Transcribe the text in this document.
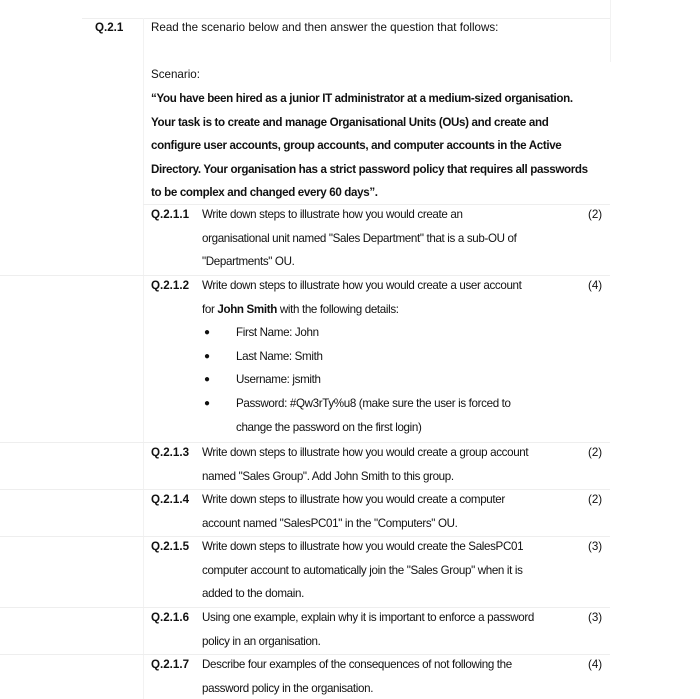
Q.2.1 Read the scenario below and then answer the question that follows:
Scenario:
“You have been hired as a junior IT administrator at a medium-sized organisation.
Your task is to create and manage Organisational Units (OUs) and create and
configure user accounts, group accounts, and computer accounts in the Active
Directory. Your organisation has a strict password policy that requires all passwords
to be complex and changed every 60 days”.
Q.2.1.1 Write down steps to illustrate how you would create an
organisational unit named "Sales Department" that is a sub-OU of
"Departments" OU.
(2)
Q.2.1.2 Write down steps to illustrate how you would create a user account
for John Smith with the following details:
● First Name: John
● Last Name: Smith
● Username: jsmith
● Password: #Qw3rTy%u8 (make sure the user is forced to
change the password on the first login)
(4)
Q.2.1.3 Write down steps to illustrate how you would create a group account
named "Sales Group". Add John Smith to this group.
(2)
Q.2.1.4 Write down steps to illustrate how you would create a computer
account named "SalesPC01" in the "Computers" OU.
(2)
Q.2.1.5 Write down steps to illustrate how you would create the SalesPC01
computer account to automatically join the "Sales Group" when it is
added to the domain.
(3)
Q.2.1.6 Using one example, explain why it is important to enforce a password
policy in an organisation.
(3)
Q.2.1.7 Describe four examples of the consequences of not following the
password policy in the organisation.
(4)
